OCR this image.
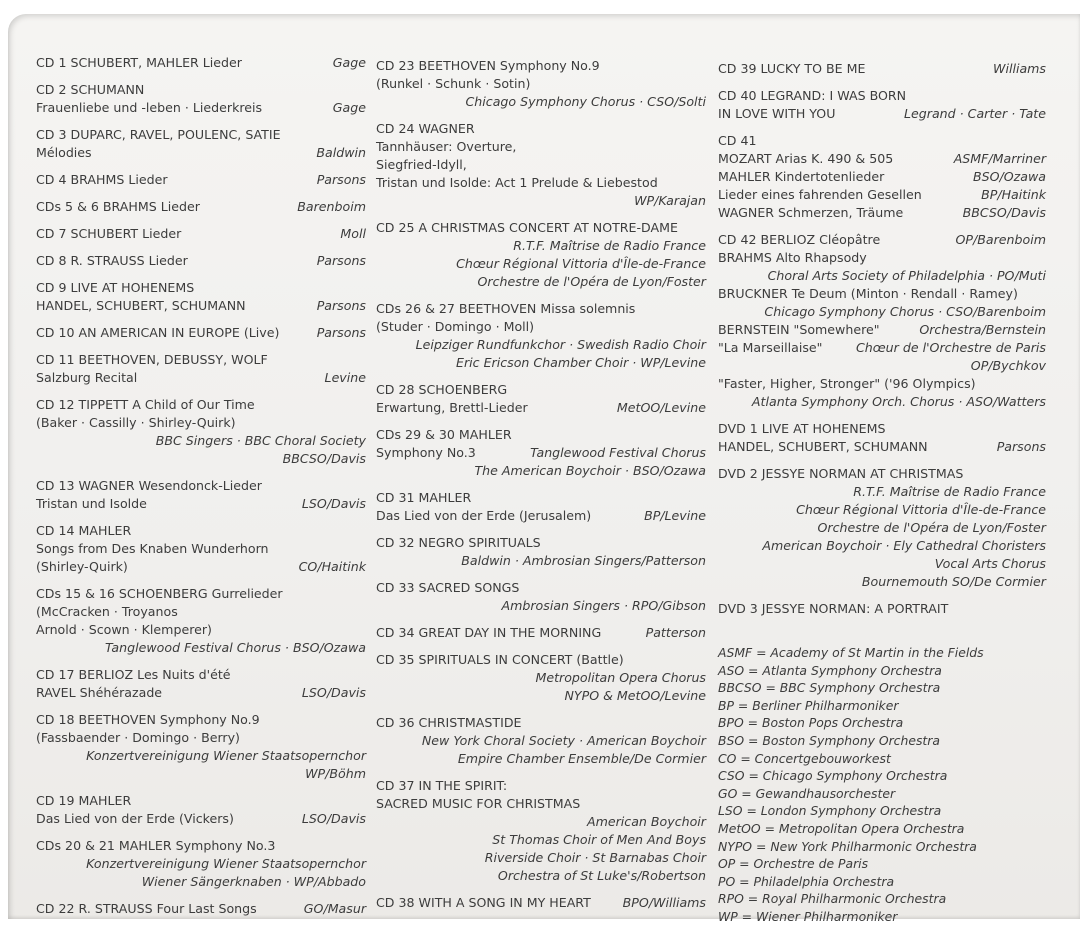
CD 1 SCHUBERT, MAHLER Lieder	Gage
CD 2 SCHUMANN
Frauenliebe und -leben · Liederkreis	Gage
CD 3 DUPARC, RAVEL, POULENC, SATIE
Mélodies	Baldwin
CD 4 BRAHMS Lieder	Parsons
CDs 5 & 6 BRAHMS Lieder	Barenboim
CD 7 SCHUBERT Lieder	Moll
CD 8 R. STRAUSS Lieder	Parsons
CD 9 LIVE AT HOHENEMS
HANDEL, SCHUBERT, SCHUMANN	Parsons
CD 10 AN AMERICAN IN EUROPE (Live)	Parsons
CD 11 BEETHOVEN, DEBUSSY, WOLF
Salzburg Recital	Levine
CD 12 TIPPETT A Child of Our Time
(Baker · Cassilly · Shirley-Quirk)
BBC Singers · BBC Choral Society
BBCSO/Davis
CD 13 WAGNER Wesendonck-Lieder
Tristan und Isolde	LSO/Davis
CD 14 MAHLER
Songs from Des Knaben Wunderhorn
(Shirley-Quirk)	CO/Haitink
CDs 15 & 16 SCHOENBERG Gurrelieder
(McCracken · Troyanos
Arnold · Scown · Klemperer)
Tanglewood Festival Chorus · BSO/Ozawa
CD 17 BERLIOZ Les Nuits d'été
RAVEL Shéhérazade	LSO/Davis
CD 18 BEETHOVEN Symphony No.9
(Fassbaender · Domingo · Berry)
Konzertvereinigung Wiener Staatsopernchor
WP/Böhm
CD 19 MAHLER
Das Lied von der Erde (Vickers)	LSO/Davis
CDs 20 & 21 MAHLER Symphony No.3
Konzertvereinigung Wiener Staatsopernchor
Wiener Sängerknaben · WP/Abbado
CD 22 R. STRAUSS Four Last Songs	GO/Masur
CD 23 BEETHOVEN Symphony No.9
(Runkel · Schunk · Sotin)
Chicago Symphony Chorus · CSO/Solti
CD 24 WAGNER
Tannhäuser: Overture,
Siegfried-Idyll,
Tristan und Isolde: Act 1 Prelude & Liebestod
WP/Karajan
CD 25 A CHRISTMAS CONCERT AT NOTRE-DAME
R.T.F. Maîtrise de Radio France
Chœur Régional Vittoria d'Île-de-France
Orchestre de l'Opéra de Lyon/Foster
CDs 26 & 27 BEETHOVEN Missa solemnis
(Studer · Domingo · Moll)
Leipziger Rundfunkchor · Swedish Radio Choir
Eric Ericson Chamber Choir · WP/Levine
CD 28 SCHOENBERG
Erwartung, Brettl-Lieder	MetOO/Levine
CDs 29 & 30 MAHLER
Symphony No.3	Tanglewood Festival Chorus
The American Boychoir · BSO/Ozawa
CD 31 MAHLER
Das Lied von der Erde (Jerusalem)	BP/Levine
CD 32 NEGRO SPIRITUALS
Baldwin · Ambrosian Singers/Patterson
CD 33 SACRED SONGS
Ambrosian Singers · RPO/Gibson
CD 34 GREAT DAY IN THE MORNING	Patterson
CD 35 SPIRITUALS IN CONCERT (Battle)
Metropolitan Opera Chorus
NYPO & MetOO/Levine
CD 36 CHRISTMASTIDE
New York Choral Society · American Boychoir
Empire Chamber Ensemble/De Cormier
CD 37 IN THE SPIRIT:
SACRED MUSIC FOR CHRISTMAS
American Boychoir
St Thomas Choir of Men And Boys
Riverside Choir · St Barnabas Choir
Orchestra of St Luke's/Robertson
CD 38 WITH A SONG IN MY HEART	BPO/Williams
CD 39 LUCKY TO BE ME	Williams
CD 40 LEGRAND: I WAS BORN
IN LOVE WITH YOU	Legrand · Carter · Tate
CD 41
MOZART Arias K. 490 & 505	ASMF/Marriner
MAHLER Kindertotenlieder	BSO/Ozawa
Lieder eines fahrenden Gesellen	BP/Haitink
WAGNER Schmerzen, Träume	BBCSO/Davis
CD 42 BERLIOZ Cléopâtre	OP/Barenboim
BRAHMS Alto Rhapsody
Choral Arts Society of Philadelphia · PO/Muti
BRUCKNER Te Deum (Minton · Rendall · Ramey)
Chicago Symphony Chorus · CSO/Barenboim
BERNSTEIN "Somewhere"	Orchestra/Bernstein
"La Marseillaise"	Chœur de l'Orchestre de Paris
OP/Bychkov
"Faster, Higher, Stronger" ('96 Olympics)
Atlanta Symphony Orch. Chorus · ASO/Watters
DVD 1 LIVE AT HOHENEMS
HANDEL, SCHUBERT, SCHUMANN	Parsons
DVD 2 JESSYE NORMAN AT CHRISTMAS
R.T.F. Maîtrise de Radio France
Chœur Régional Vittoria d'Île-de-France
Orchestre de l'Opéra de Lyon/Foster
American Boychoir · Ely Cathedral Choristers
Vocal Arts Chorus
Bournemouth SO/De Cormier
DVD 3 JESSYE NORMAN: A PORTRAIT
ASMF = Academy of St Martin in the Fields
ASO = Atlanta Symphony Orchestra
BBCSO = BBC Symphony Orchestra
BP = Berliner Philharmoniker
BPO = Boston Pops Orchestra
BSO = Boston Symphony Orchestra
CO = Concertgebouworkest
CSO = Chicago Symphony Orchestra
GO = Gewandhausorchester
LSO = London Symphony Orchestra
MetOO = Metropolitan Opera Orchestra
NYPO = New York Philharmonic Orchestra
OP = Orchestre de Paris
PO = Philadelphia Orchestra
RPO = Royal Philharmonic Orchestra
WP = Wiener Philharmoniker
